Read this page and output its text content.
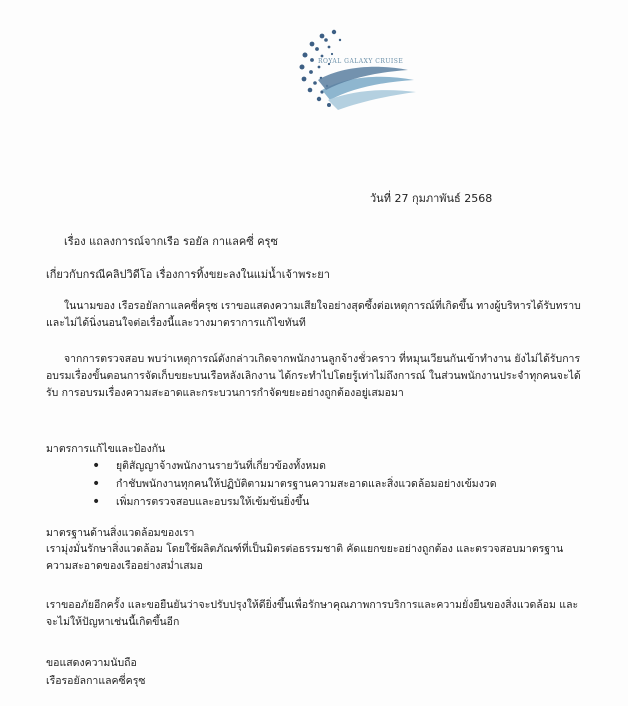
ROYAL GALAXY CRUISE
วันที่ 27 กุมภาพันธ์ 2568
เรื่อง แถลงการณ์จากเรือ รอยัล กาแลคซี่ ครุซ
เกี่ยวกับกรณีคลิปวิดีโอ เรื่องการทิ้งขยะลงในแม่น้ำเจ้าพระยา
ในนามของ เรือรอยัลกาแลคซี่ครุซ เราขอแสดงความเสียใจอย่างสุดซึ้งต่อเหตุการณ์ที่เกิดขึ้น ทางผู้บริหารได้รับทราบและไม่ได้นิ่งนอนใจต่อเรื่องนี้และวางมาตราการแก้ไขทันที
จากการตรวจสอบ พบว่าเหตุการณ์ดังกล่าวเกิดจากพนักงานลูกจ้างชั่วคราว ที่หมุนเวียนกันเข้าทำงาน ยังไม่ได้รับการอบรมเรื่องขั้นตอนการจัดเก็บขยะบนเรือหลังเลิกงาน ได้กระทำไปโดยรู้เท่าไม่ถึงการณ์ ในส่วนพนักงานประจำทุกคนจะได้รับ การอบรมเรื่องความสะอาดและกระบวนการกำจัดขยะอย่างถูกต้องอยู่เสมอมา
มาตรการแก้ไขและป้องกัน
• ยุติสัญญาจ้างพนักงานรายวันที่เกี่ยวข้องทั้งหมด
• กำชับพนักงานทุกคนให้ปฏิบัติตามมาตรฐานความสะอาดและสิ่งแวดล้อมอย่างเข้มงวด
• เพิ่มการตรวจสอบและอบรมให้เข้มข้นยิ่งขึ้น
มาตรฐานด้านสิ่งแวดล้อมของเรา
เรามุ่งมั่นรักษาสิ่งแวดล้อม โดยใช้ผลิตภัณฑ์ที่เป็นมิตรต่อธรรมชาติ คัดแยกขยะอย่างถูกต้อง และตรวจสอบมาตรฐานความสะอาดของเรืออย่างสม่ำเสมอ
เราขออภัยอีกครั้ง และขอยืนยันว่าจะปรับปรุงให้ดียิ่งขึ้นเพื่อรักษาคุณภาพการบริการและความยั่งยืนของสิ่งแวดล้อม และจะไม่ให้ปัญหาเช่นนี้เกิดขึ้นอีก
ขอแสดงความนับถือ
เรือรอยัลกาแลคซี่ครุซ
